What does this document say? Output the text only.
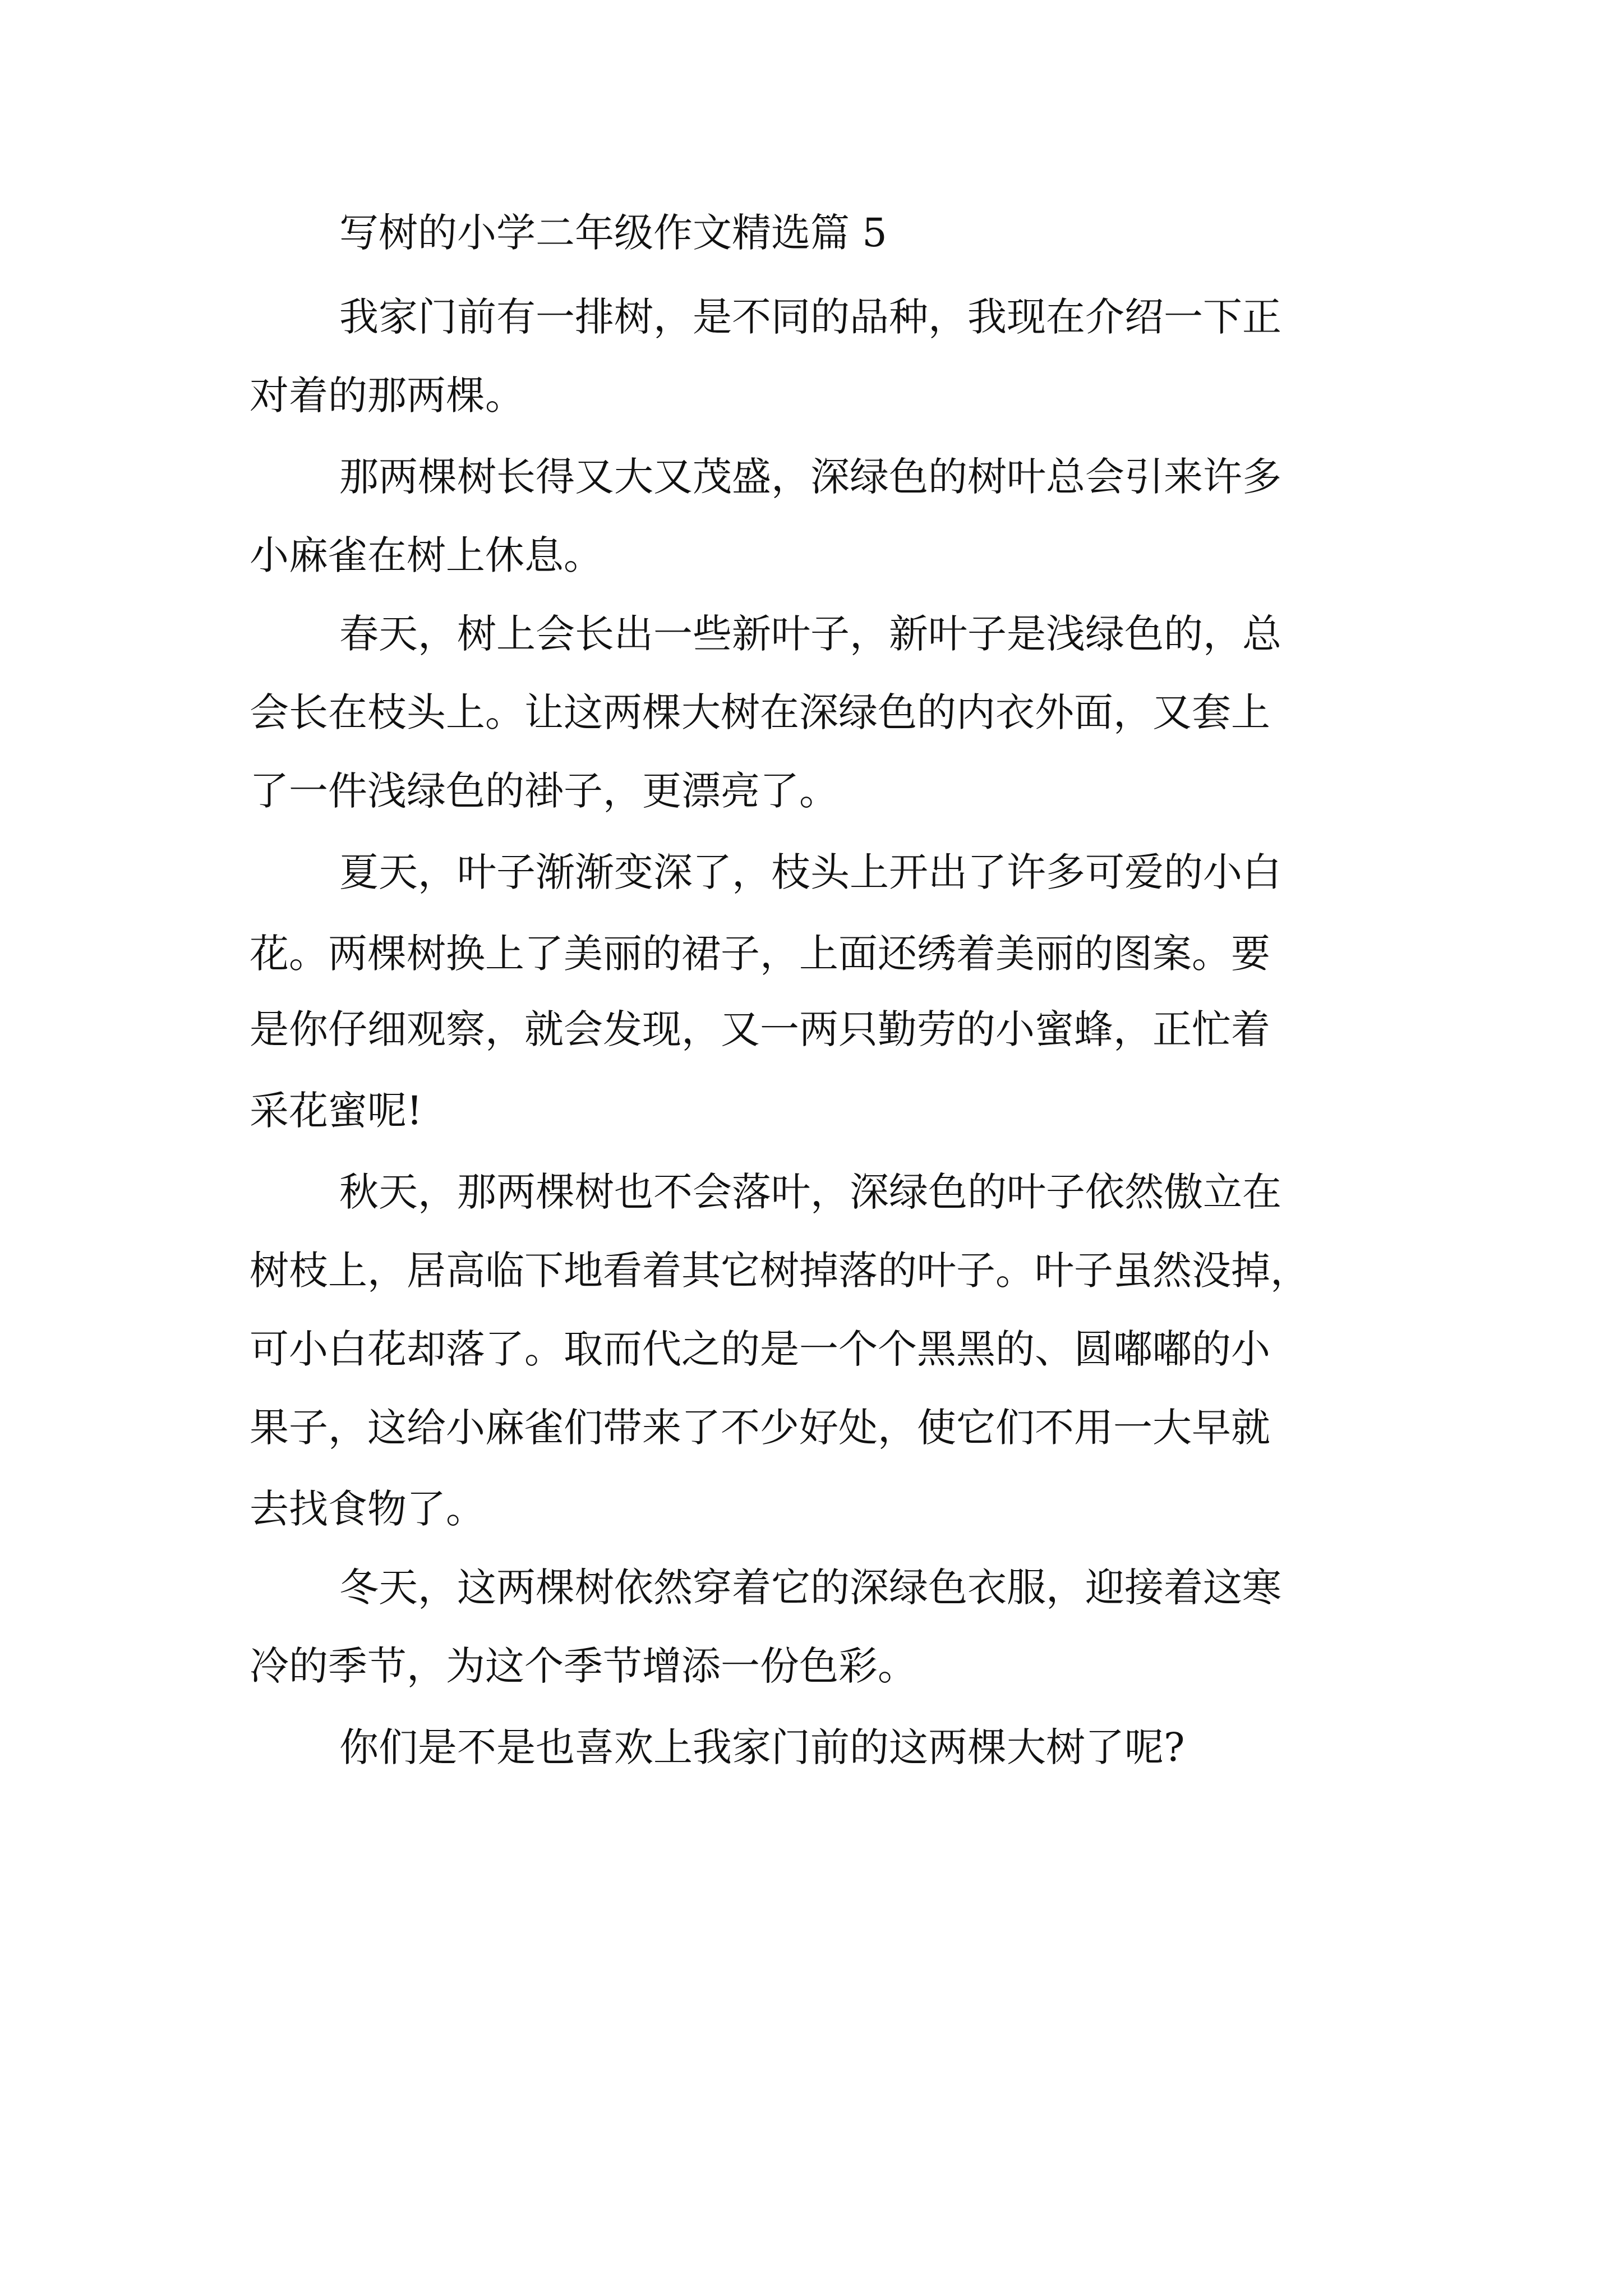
写树的小学二年级作文精选篇 5
我家门前有一排树，是不同的品种，我现在介绍一下正
对着的那两棵。
那两棵树长得又大又茂盛，深绿色的树叶总会引来许多
小麻雀在树上休息。
春天，树上会长出一些新叶子，新叶子是浅绿色的，总
会长在枝头上。让这两棵大树在深绿色的内衣外面，又套上
了一件浅绿色的褂子，更漂亮了。
夏天，叶子渐渐变深了，枝头上开出了许多可爱的小白
花。两棵树换上了美丽的裙子，上面还绣着美丽的图案。要
是你仔细观察，就会发现，又一两只勤劳的小蜜蜂，正忙着
采花蜜呢!
秋天，那两棵树也不会落叶，深绿色的叶子依然傲立在
树枝上，居高临下地看着其它树掉落的叶子。叶子虽然没掉，
可小白花却落了。取而代之的是一个个黑黑的、圆嘟嘟的小
果子，这给小麻雀们带来了不少好处，使它们不用一大早就
去找食物了。
冬天，这两棵树依然穿着它的深绿色衣服，迎接着这寒
冷的季节，为这个季节增添一份色彩。
你们是不是也喜欢上我家门前的这两棵大树了呢?
